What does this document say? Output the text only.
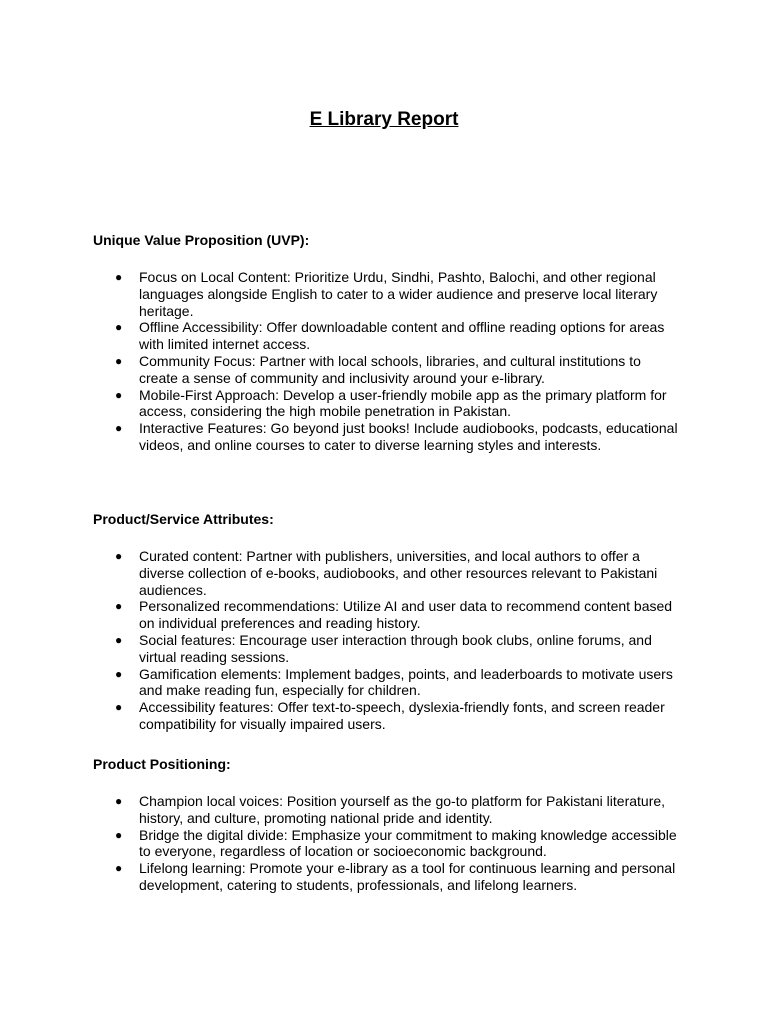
E Library Report
Unique Value Proposition (UVP):
● Focus on Local Content: Prioritize Urdu, Sindhi, Pashto, Balochi, and other regional languages alongside English to cater to a wider audience and preserve local literary heritage.
● Offline Accessibility: Offer downloadable content and offline reading options for areas with limited internet access.
● Community Focus: Partner with local schools, libraries, and cultural institutions to create a sense of community and inclusivity around your e-library.
● Mobile-First Approach: Develop a user-friendly mobile app as the primary platform for access, considering the high mobile penetration in Pakistan.
● Interactive Features: Go beyond just books! Include audiobooks, podcasts, educational videos, and online courses to cater to diverse learning styles and interests.
Product/Service Attributes:
● Curated content: Partner with publishers, universities, and local authors to offer a diverse collection of e-books, audiobooks, and other resources relevant to Pakistani audiences.
● Personalized recommendations: Utilize AI and user data to recommend content based on individual preferences and reading history.
● Social features: Encourage user interaction through book clubs, online forums, and virtual reading sessions.
● Gamification elements: Implement badges, points, and leaderboards to motivate users and make reading fun, especially for children.
● Accessibility features: Offer text-to-speech, dyslexia-friendly fonts, and screen reader compatibility for visually impaired users.
Product Positioning:
● Champion local voices: Position yourself as the go-to platform for Pakistani literature, history, and culture, promoting national pride and identity.
● Bridge the digital divide: Emphasize your commitment to making knowledge accessible to everyone, regardless of location or socioeconomic background.
● Lifelong learning: Promote your e-library as a tool for continuous learning and personal development, catering to students, professionals, and lifelong learners.
